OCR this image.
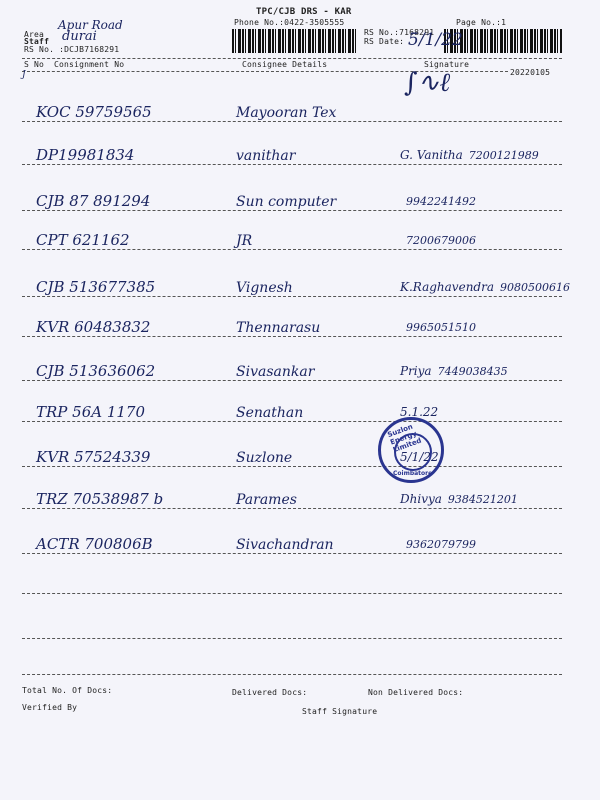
TPC/CJB DRS - KAR
Phone No.:0422-3505555
RS No.:7168291
Page No.:1
RS Date: 5/1/22
Area
Apur Road
Staff durai
RS No. :DCJB7168291
S No Consignment No	Consignee Details	Signature
20220105
J	∫∿ℓ
KOC 59759565	Mayooran Tex
DP19981834	vanithar	G. Vanitha 7200121989
CJB 87 891294	Sun computer	9942241492
CPT 621162	JR	7200679006
CJB 513677385	Vignesh	K.Raghavendra 9080500616
KVR 60483832	Thennarasu	9965051510
CJB 513636062	Sivasankar	Priya 7449038435
TRP 56A 1170	Senathan	5.1.22
KVR 57524339	Suzlone	5/1/22
TRZ 70538987 b	Parames	Dhivya 9384521201
ACTR 700806B	Sivachandran	9362079799
Suzlon Energy Limited
Coimbatore
Total No. Of Docs:	Delivered Docs:	Non Delivered Docs:
Verified By	Staff Signature
